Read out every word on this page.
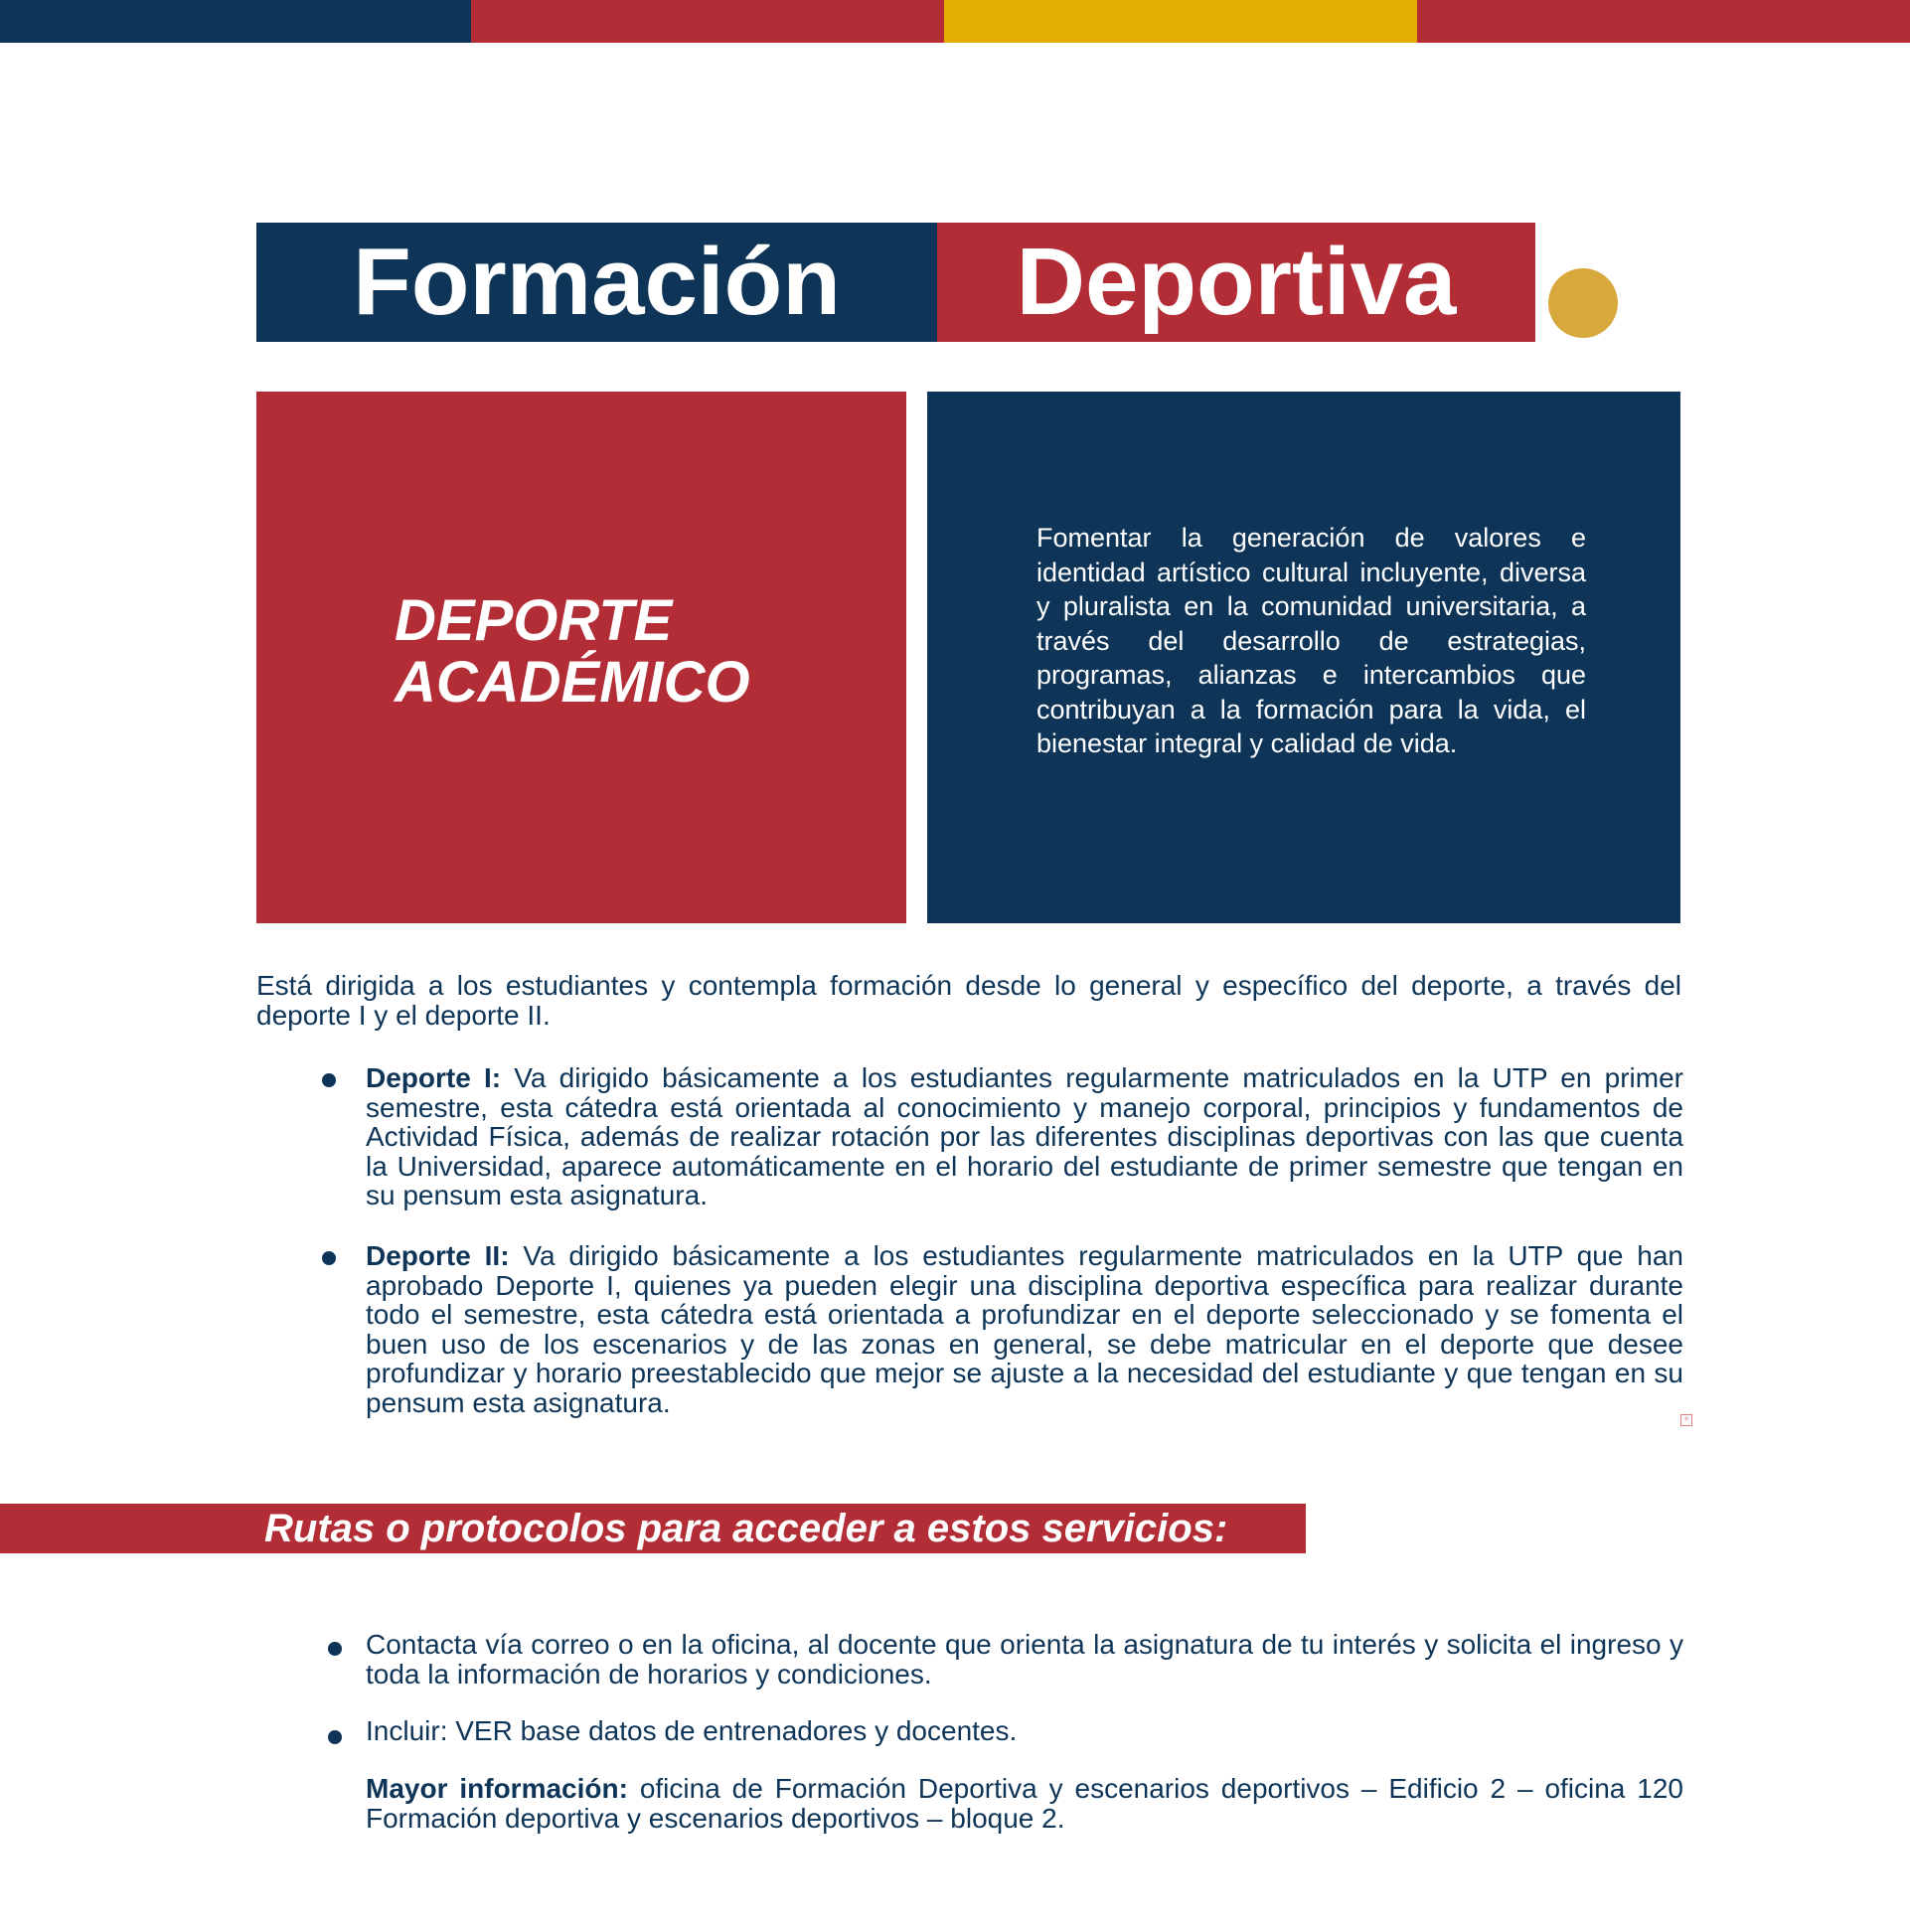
Formación	Deportiva
DEPORTE
ACADÉMICO
Fomentar la generación de valores e identidad artístico cultural incluyente, diversa y pluralista en la comunidad universitaria, a través del desarrollo de estrategias, programas, alianzas e intercambios que contribuyan a la formación para la vida, el bienestar integral y calidad de vida.
Está dirigida a los estudiantes y contempla formación desde lo general y específico del deporte, a través del deporte I y el deporte II.
Deporte I: Va dirigido básicamente a los estudiantes regularmente matriculados en la UTP en primer semestre, esta cátedra está orientada al conocimiento y manejo corporal, principios y fundamentos de Actividad Física, además de realizar rotación por las diferentes disciplinas deportivas con las que cuenta la Universidad, aparece automáticamente en el horario del estudiante de primer semestre que tengan en su pensum esta asignatura.
Deporte II: Va dirigido básicamente a los estudiantes regularmente matriculados en la UTP que han aprobado Deporte I, quienes ya pueden elegir una disciplina deportiva específica para realizar durante todo el semestre, esta cátedra está orientada a profundizar en el deporte seleccionado y se fomenta el buen uso de los escenarios y de las zonas en general, se debe matricular en el deporte que desee profundizar y horario preestablecido que mejor se ajuste a la necesidad del estudiante y que tengan en su pensum esta asignatura.
+
Rutas o protocolos para acceder a estos servicios:
Contacta vía correo o en la oficina, al docente que orienta la asignatura de tu interés y solicita el ingreso y toda la información de horarios y condiciones.
Incluir: VER base datos de entrenadores y docentes.
Mayor información: oficina de Formación Deportiva y escenarios deportivos – Edificio 2 – oficina 120 Formación deportiva y escenarios deportivos – bloque 2.
